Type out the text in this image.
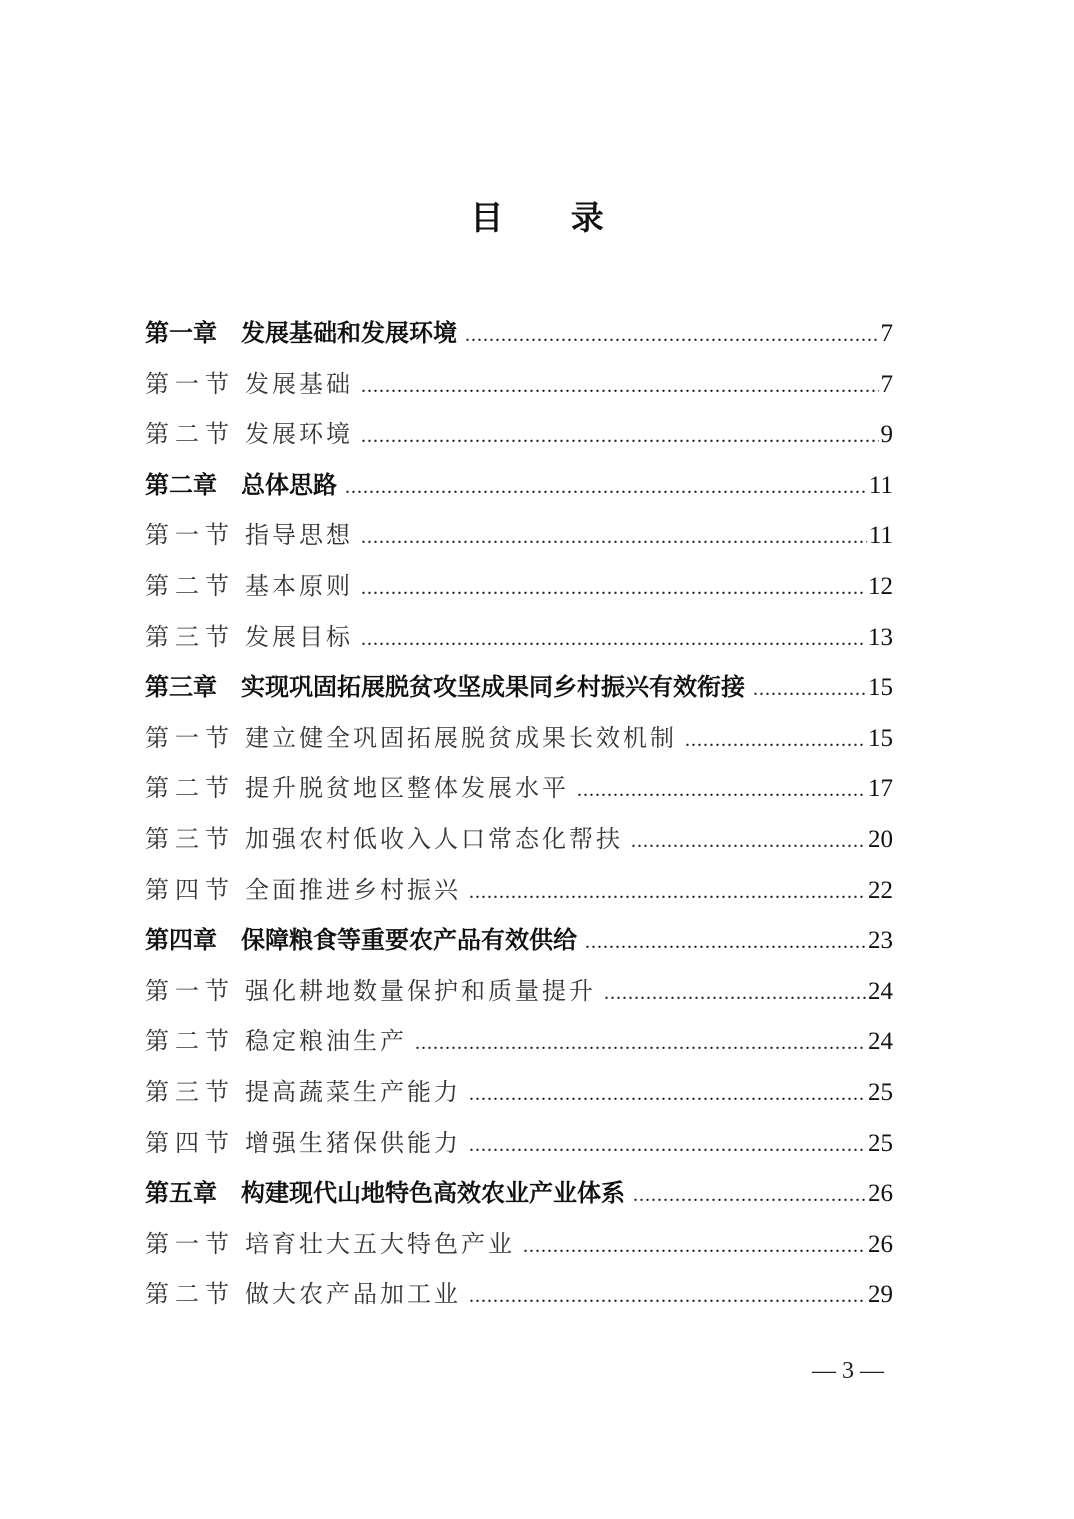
目 录
第一章 发展基础和发展环境 .....	7
第一节 发展基础 .....	7
第二节 发展环境 .....	9
第二章 总体思路 .....	11
第一节 指导思想 .....	11
第二节 基本原则 .....	12
第三节 发展目标 .....	13
第三章 实现巩固拓展脱贫攻坚成果同乡村振兴有效衔接 .....	15
第一节 建立健全巩固拓展脱贫成果长效机制 .....	15
第二节 提升脱贫地区整体发展水平 .....	17
第三节 加强农村低收入人口常态化帮扶 .....	20
第四节 全面推进乡村振兴 .....	22
第四章 保障粮食等重要农产品有效供给 .....	23
第一节 强化耕地数量保护和质量提升 .....	24
第二节 稳定粮油生产 .....	24
第三节 提高蔬菜生产能力 .....	25
第四节 增强生猪保供能力 .....	25
第五章 构建现代山地特色高效农业产业体系 .....	26
第一节 培育壮大五大特色产业 .....	26
第二节 做大农产品加工业 .....	29
— 3 —
